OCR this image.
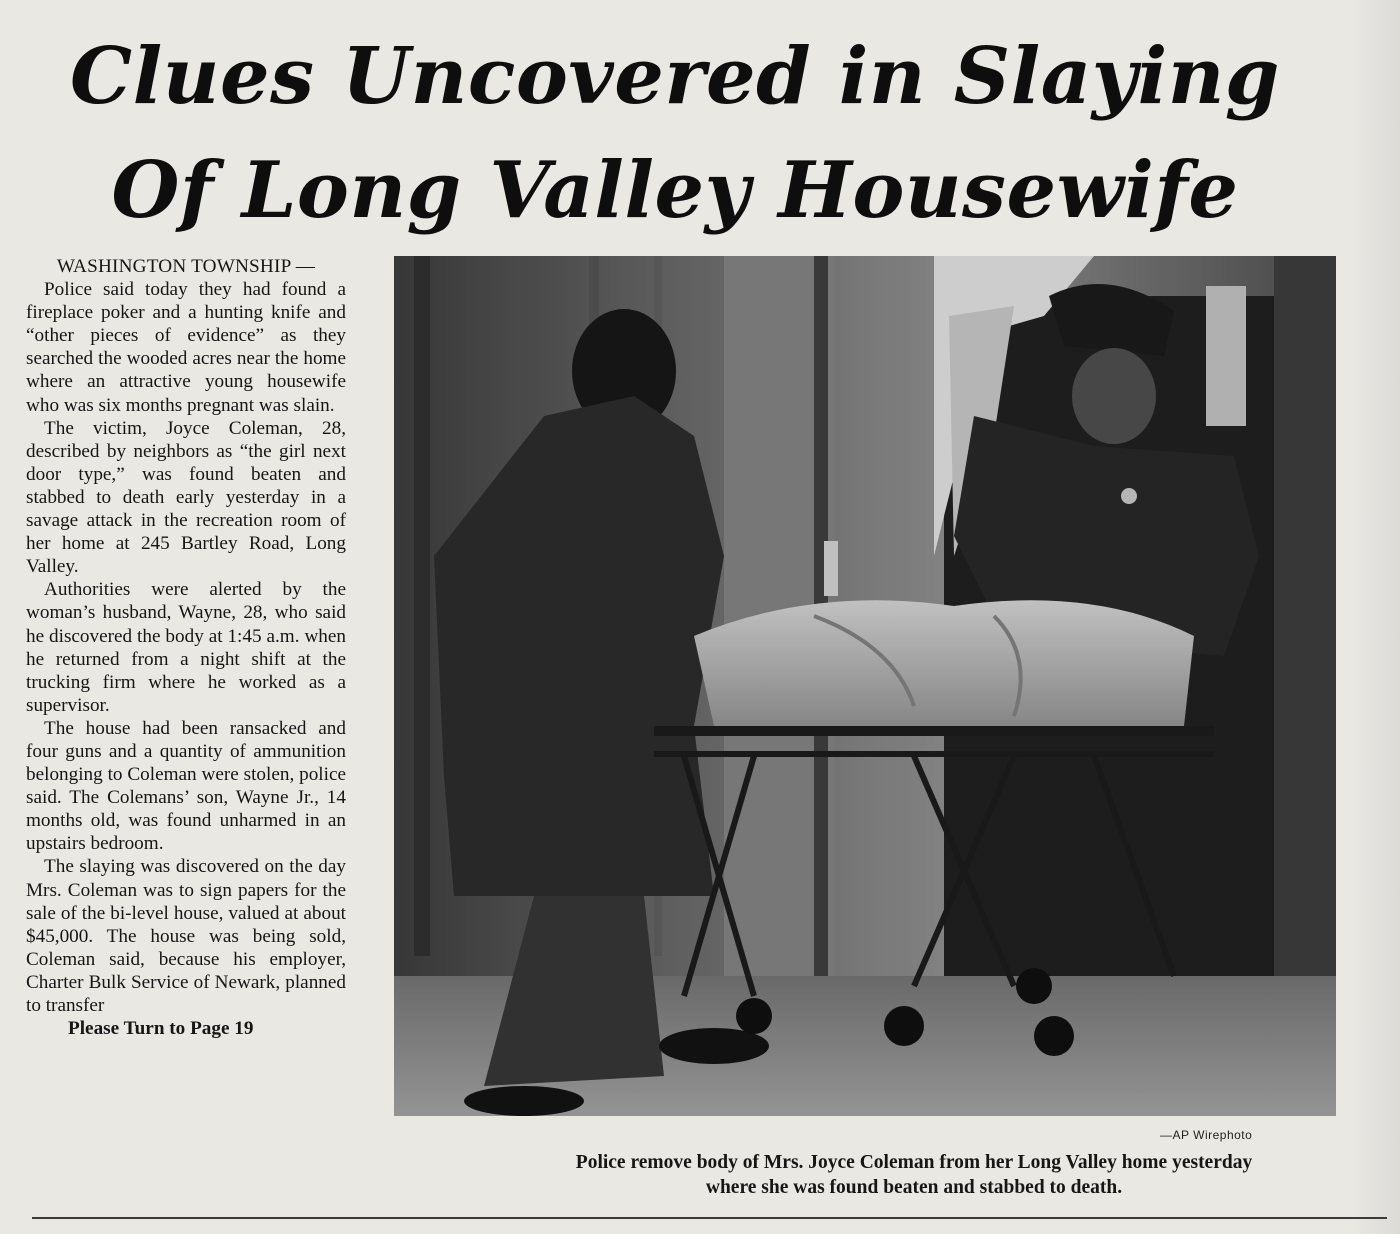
Clues Uncovered in Slaying
Of Long Valley Housewife
WASHINGTON TOWNSHIP —

Police said today they had found a fireplace poker and a hunting knife and “other pieces of evidence” as they searched the wooded acres near the home where an attractive young housewife who was six months pregnant was slain.

The victim, Joyce Coleman, 28, described by neighbors as “the girl next door type,” was found beaten and stabbed to death early yesterday in a savage attack in the recreation room of her home at 245 Bartley Road, Long Valley.

Authorities were alerted by the woman’s husband, Wayne, 28, who said he discovered the body at 1:45 a.m. when he returned from a night shift at the trucking firm where he worked as a supervisor.

The house had been ransacked and four guns and a quantity of ammunition belonging to Coleman were stolen, police said. The Colemans’ son, Wayne Jr., 14 months old, was found unharmed in an upstairs bedroom.

The slaying was discovered on the day Mrs. Coleman was to sign papers for the sale of the bi-level house, valued at about $45,000. The house was being sold, Coleman said, because his employer, Charter Bulk Service of Newark, planned to transfer

Please Turn to Page 19
—AP Wirephoto
Police remove body of Mrs. Joyce Coleman from her Long Valley home yesterday
where she was found beaten and stabbed to death.
